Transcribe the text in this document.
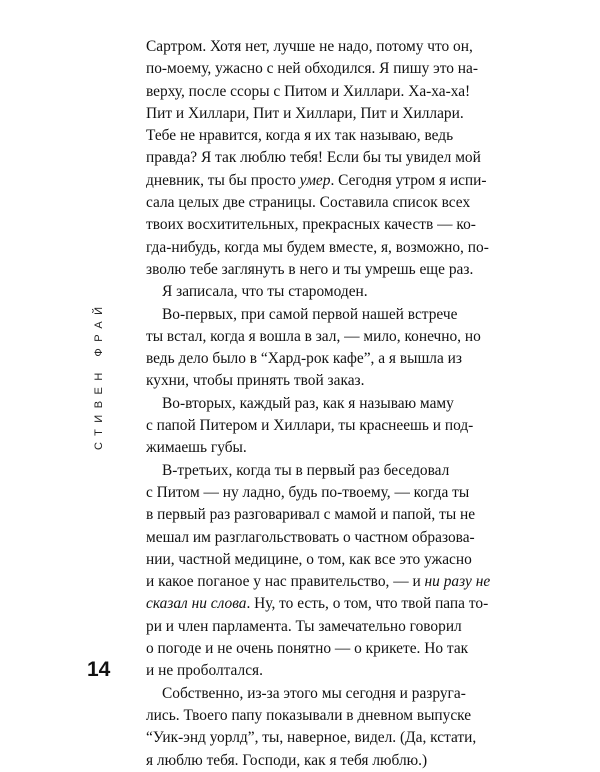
СТИВЕН ФРАЙ
Сартром. Хотя нет, лучше не надо, потому что он,
по-моему, ужасно с ней обходился. Я пишу это на-
верху, после ссоры с Питом и Хиллари. Ха-ха-ха!
Пит и Хиллари, Пит и Хиллари, Пит и Хиллари.
Тебе не нравится, когда я их так называю, ведь
правда? Я так люблю тебя! Если бы ты увидел мой
дневник, ты бы просто умер. Сегодня утром я испи-
сала целых две страницы. Составила список всех
твоих восхитительных, прекрасных качеств — ко-
гда-нибудь, когда мы будем вместе, я, возможно, по-
зволю тебе заглянуть в него и ты умрешь еще раз.
Я записала, что ты старомоден.
Во-первых, при самой первой нашей встрече
ты встал, когда я вошла в зал, — мило, конечно, но
ведь дело было в “Хард-рок кафе”, а я вышла из
кухни, чтобы принять твой заказ.
Во-вторых, каждый раз, как я называю маму
с папой Питером и Хиллари, ты краснеешь и под-
жимаешь губы.
В-третьих, когда ты в первый раз беседовал
с Питом — ну ладно, будь по-твоему, — когда ты
в первый раз разговаривал с мамой и папой, ты не
мешал им разглагольствовать о частном образова-
нии, частной медицине, о том, как все это ужасно
и какое поганое у нас правительство, — и ни разу не
сказал ни слова. Ну, то есть, о том, что твой папа то-
ри и член парламента. Ты замечательно говорил
о погоде и не очень понятно — о крикете. Но так
и не проболтался.
Собственно, из-за этого мы сегодня и разруга-
лись. Твоего папу показывали в дневном выпуске
“Уик-энд уорлд”, ты, наверное, видел. (Да, кстати,
я люблю тебя. Господи, как я тебя люблю.)
14
